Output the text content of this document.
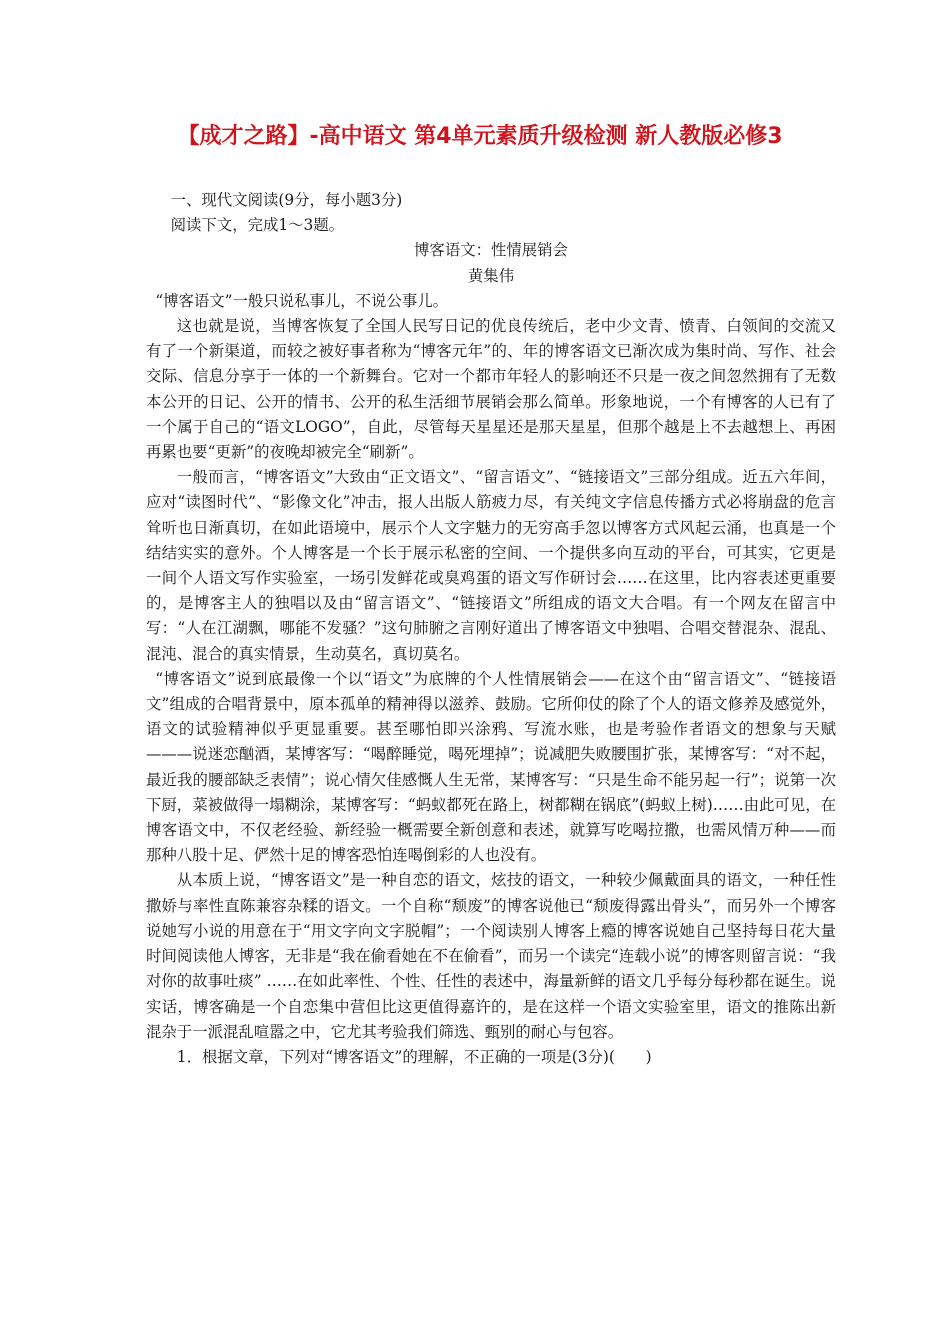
【成才之路】-高中语文 第4单元素质升级检测 新人教版必修3

一、现代文阅读(9分，每小题3分)

阅读下文，完成1～3题。

博客语文：性情展销会

黄集伟

“博客语文”一般只说私事儿，不说公事儿。

这也就是说，当博客恢复了全国人民写日记的优良传统后，老中少文青、愤青、白领间的交流又有了一个新渠道，而较之被好事者称为“博客元年”的、年的博客语文已渐次成为集时尚、写作、社会交际、信息分享于一体的一个新舞台。它对一个都市年轻人的影响还不只是一夜之间忽然拥有了无数本公开的日记、公开的情书、公开的私生活细节展销会那么简单。形象地说，一个有博客的人已有了一个属于自己的“语文LOGO”，自此，尽管每天星星还是那天星星，但那个越是上不去越想上、再困再累也要“更新”的夜晚却被完全“刷新”。

一般而言，“博客语文”大致由“正文语文”、“留言语文”、“链接语文”三部分组成。近五六年间，应对“读图时代”、“影像文化”冲击，报人出版人筋疲力尽，有关纯文字信息传播方式必将崩盘的危言耸听也日渐真切，在如此语境中，展示个人文字魅力的无穷高手忽以博客方式风起云涌，也真是一个结结实实的意外。个人博客是一个长于展示私密的空间、一个提供多向互动的平台，可其实，它更是一间个人语文写作实验室，一场引发鲜花或臭鸡蛋的语文写作研讨会……在这里，比内容表述更重要的，是博客主人的独唱以及由“留言语文”、“链接语文”所组成的语文大合唱。有一个网友在留言中写：“人在江湖飘，哪能不发骚？”这句肺腑之言刚好道出了博客语文中独唱、合唱交替混杂、混乱、混沌、混合的真实情景，生动莫名，真切莫名。

“博客语文”说到底最像一个以“语文”为底牌的个人性情展销会——在这个由“留言语文”、“链接语文”组成的合唱背景中，原本孤单的精神得以滋养、鼓励。它所仰仗的除了个人的语文修养及感觉外，语文的试验精神似乎更显重要。甚至哪怕即兴涂鸦、写流水账，也是考验作者语文的想象与天赋———说迷恋酗酒，某博客写：“喝醉睡觉，喝死埋掉”；说减肥失败腰围扩张，某博客写：“对不起，最近我的腰部缺乏表情”；说心情欠佳感慨人生无常，某博客写：“只是生命不能另起一行”；说第一次下厨，菜被做得一塌糊涂，某博客写：“蚂蚁都死在路上，树都糊在锅底”(蚂蚁上树)……由此可见，在博客语文中，不仅老经验、新经验一概需要全新创意和表述，就算写吃喝拉撒，也需风情万种——而那种八股十足、俨然十足的博客恐怕连喝倒彩的人也没有。

从本质上说，“博客语文”是一种自恋的语文，炫技的语文，一种较少佩戴面具的语文，一种任性撒娇与率性直陈兼容杂糅的语文。一个自称“颓废”的博客说他已“颓废得露出骨头”，而另外一个博客说她写小说的用意在于“用文字向文字脱帽”；一个阅读别人博客上瘾的博客说她自己坚持每日花大量时间阅读他人博客，无非是“我在偷看她在不在偷看”，而另一个读完“连载小说”的博客则留言说：“我对你的故事吐痰” ……在如此率性、个性、任性的表述中，海量新鲜的语文几乎每分每秒都在诞生。说实话，博客确是一个自恋集中营但比这更值得嘉许的，是在这样一个语文实验室里，语文的推陈出新混杂于一派混乱喧嚣之中，它尤其考验我们筛选、甄别的耐心与包容。

1．根据文章，下列对“博客语文”的理解，不正确的一项是(3分)(　　)
